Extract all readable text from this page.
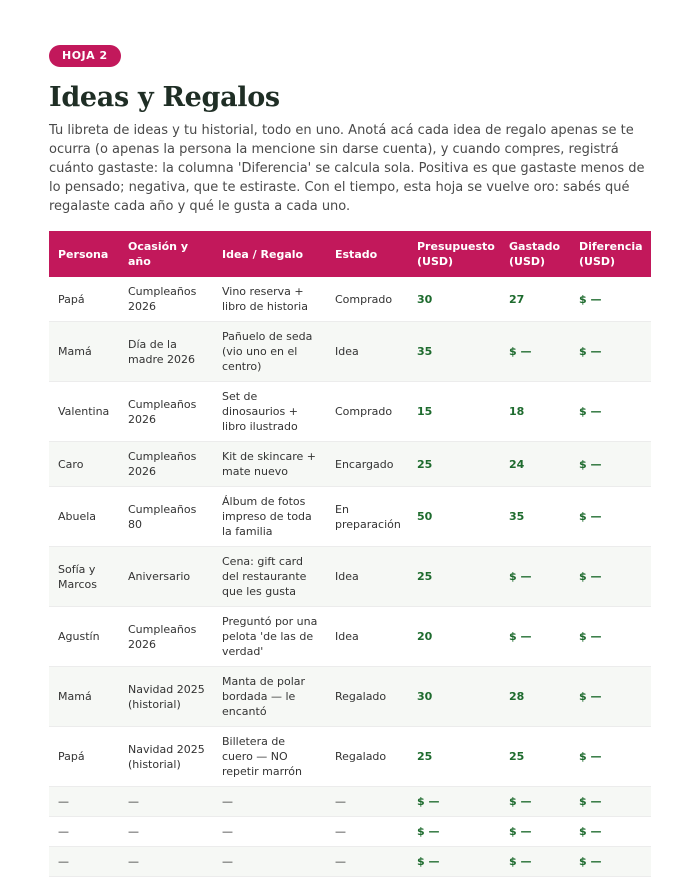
HOJA 2
Ideas y Regalos

Tu libreta de ideas y tu historial, todo en uno. Anotá acá cada idea de regalo apenas se te ocurra (o apenas la persona la mencione sin darse cuenta), y cuando compres, registrá cuánto gastaste: la columna 'Diferencia' se calcula sola. Positiva es que gastaste menos de lo pensado; negativa, que te estiraste. Con el tiempo, esta hoja se vuelve oro: sabés qué regalaste cada año y qué le gusta a cada uno.

Persona	Ocasión y año	Idea / Regalo	Estado	Presupuesto (USD)	Gastado (USD)	Diferencia (USD)
Papá	Cumpleaños 2026	Vino reserva + libro de historia	Comprado	30	27	$ —
Mamá	Día de la madre 2026	Pañuelo de seda (vio uno en el centro)	Idea	35	$ —	$ —
Valentina	Cumpleaños 2026	Set de dinosaurios + libro ilustrado	Comprado	15	18	$ —
Caro	Cumpleaños 2026	Kit de skincare + mate nuevo	Encargado	25	24	$ —
Abuela	Cumpleaños 80	Álbum de fotos impreso de toda la familia	En preparación	50	35	$ —
Sofía y Marcos	Aniversario	Cena: gift card del restaurante que les gusta	Idea	25	$ —	$ —
Agustín	Cumpleaños 2026	Preguntó por una pelota 'de las de verdad'	Idea	20	$ —	$ —
Mamá	Navidad 2025 (historial)	Manta de polar bordada — le encantó	Regalado	30	28	$ —
Papá	Navidad 2025 (historial)	Billetera de cuero — NO repetir marrón	Regalado	25	25	$ —
—	—	—	—	$ —	$ —	$ —
—	—	—	—	$ —	$ —	$ —
—	—	—	—	$ —	$ —	$ —
